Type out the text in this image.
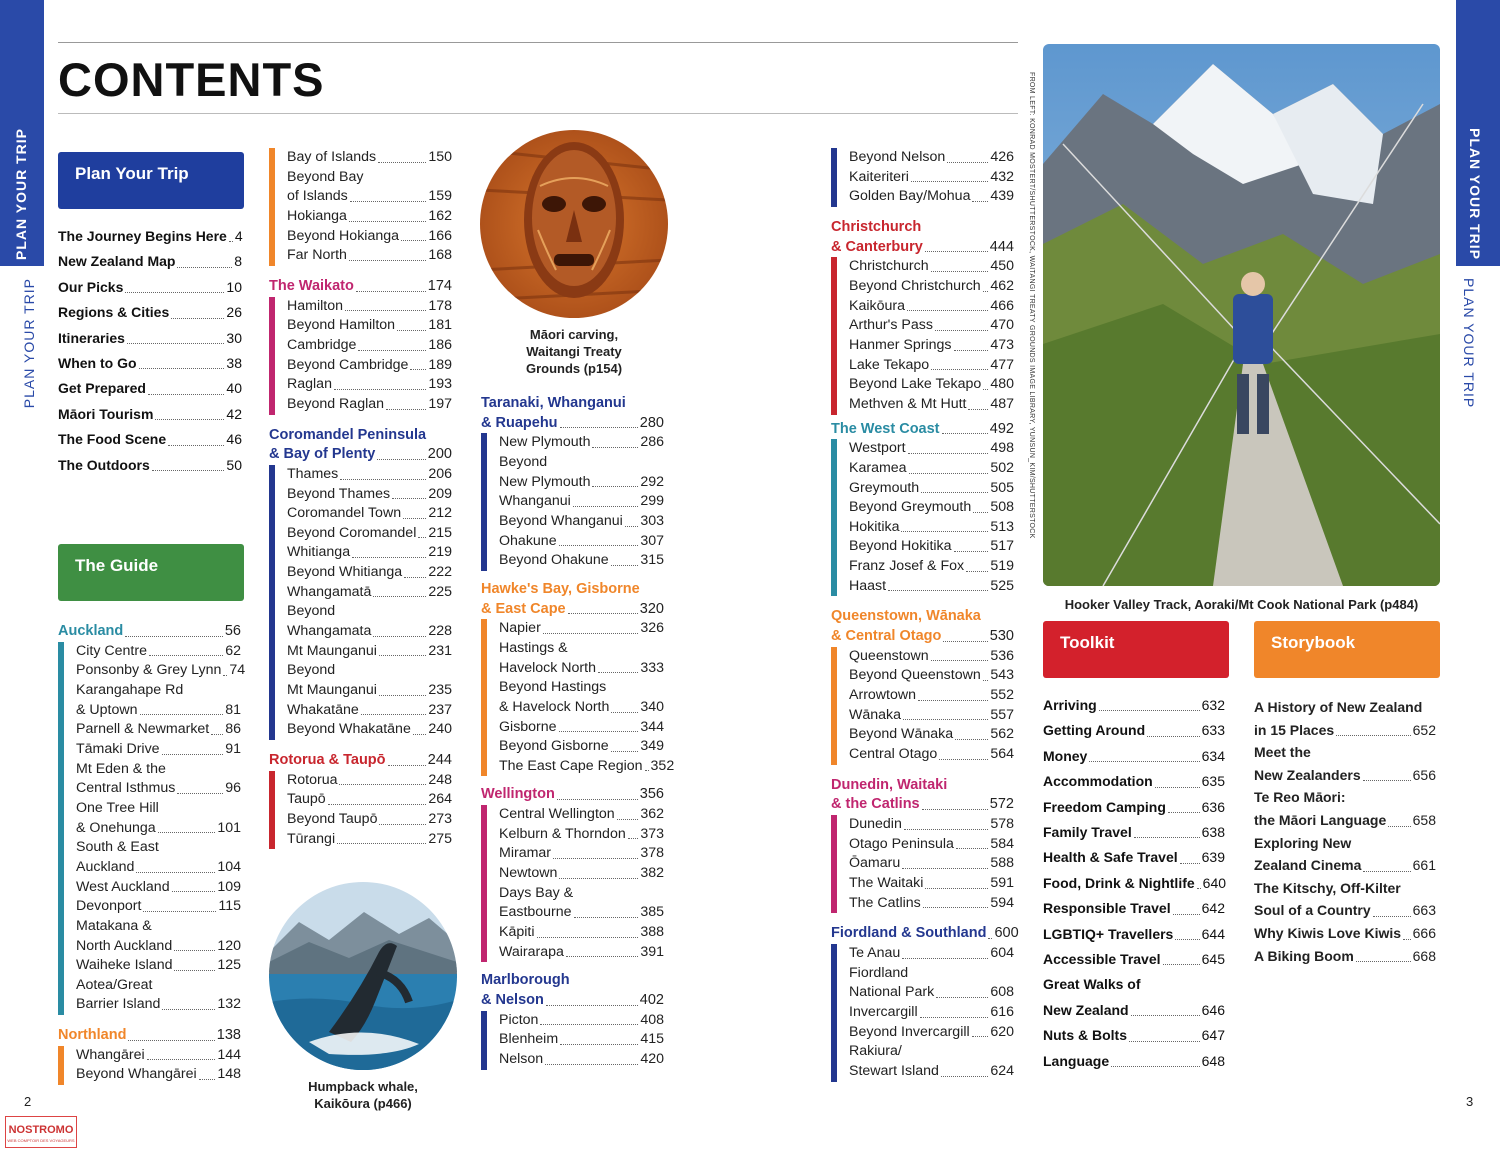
PLAN YOUR TRIP
PLAN YOUR TRIP
PLAN YOUR TRIP
PLAN YOUR TRIP
CONTENTS
Plan Your Trip
The Journey Begins Here 4
New Zealand Map	8
Our Picks	10
Regions & Cities	26
Itineraries	30
When to Go	38
Get Prepared	40
Māori Tourism	42
The Food Scene	46
The Outdoors	50
The Guide
Auckland	56
City Centre	62
Ponsonby & Grey Lynn 74
Karangahape Rd
& Uptown	81
Parnell & Newmarket 86
Tāmaki Drive	91
Mt Eden & the
Central Isthmus	96
One Tree Hill
& Onehunga	101
South & East
Auckland	104
West Auckland	109
Devonport	115
Matakana &
North Auckland	120
Waiheke Island	125
Aotea/Great
Barrier Island	132
Northland	138
Whangārei	144
Beyond Whangārei 148
Bay of Islands	150
Beyond Bay
of Islands	159
Hokianga	162
Beyond Hokianga 166
Far North	168
The Waikato	174
Hamilton	178
Beyond Hamilton 181
Cambridge	186
Beyond Cambridge 189
Raglan	193
Beyond Raglan	197
Coromandel Peninsula
& Bay of Plenty	200
Thames	206
Beyond Thames	209
Coromandel Town 212
Beyond Coromandel 215
Whitianga	219
Beyond Whitianga 222
Whangamatā	225
Beyond
Whangamata	228
Mt Maunganui	231
Beyond
Mt Maunganui	235
Whakatāne	237
Beyond Whakatāne 240
Rotorua & Taupō	244
Rotorua	248
Taupō	264
Beyond Taupō	273
Tūrangi	275
Māori carving,
Waitangi Treaty
Grounds (p154)
Taranaki, Whanganui
& Ruapehu	280
New Plymouth	286
Beyond
New Plymouth	292
Whanganui	299
Beyond Whanganui 303
Ohakune	307
Beyond Ohakune 315
Hawke's Bay, Gisborne
& East Cape	320
Napier	326
Hastings &
Havelock North	333
Beyond Hastings
& Havelock North 340
Gisborne	344
Beyond Gisborne 349
The East Cape Region 352
Wellington	356
Central Wellington 362
Kelburn & Thorndon 373
Miramar	378
Newtown	382
Days Bay &
Eastbourne	385
Kāpiti	388
Wairarapa	391
Marlborough
& Nelson	402
Picton	408
Blenheim	415
Nelson	420
Humpback whale,
Kaikōura (p466)
Beyond Nelson	426
Kaiteriteri	432
Golden Bay/Mohua 439
Christchurch
& Canterbury	444
Christchurch	450
Beyond Christchurch 462
Kaikōura	466
Arthur's Pass	470
Hanmer Springs	473
Lake Tekapo	477
Beyond Lake Tekapo 480
Methven & Mt Hutt 487
The West Coast	492
Westport	498
Karamea	502
Greymouth	505
Beyond Greymouth 508
Hokitika	513
Beyond Hokitika	517
Franz Josef & Fox 519
Haast	525
Queenstown, Wānaka
& Central Otago	530
Queenstown	536
Beyond Queenstown 543
Arrowtown	552
Wānaka	557
Beyond Wānaka	562
Central Otago	564
Dunedin, Waitaki
& the Catlins	572
Dunedin	578
Otago Peninsula	584
Ōamaru	588
The Waitaki	591
The Catlins	594
Fiordland & Southland 600
Te Anau	604
Fiordland
National Park	608
Invercargill	616
Beyond Invercargill 620
Rakiura/
Stewart Island	624
FROM LEFT: KONRAD MOSTERT/SHUTTERSTOCK, WAITANGI TREATY GROUNDS IMAGE LIBRARY, YUNSUN_KIM/SHUTTERSTOCK
Hooker Valley Track, Aoraki/Mt Cook National Park (p484)
Toolkit	Storybook
Arriving	632
Getting Around	633
Money	634
Accommodation	635
Freedom Camping	636
Family Travel	638
Health & Safe Travel 639
Food, Drink & Nightlife 640
Responsible Travel 642
LGBTIQ+ Travellers 644
Accessible Travel	645
Great Walks of
New Zealand	646
Nuts & Bolts	647
Language	648
A History of New Zealand
in 15 Places	652
Meet the
New Zealanders	656
Te Reo Māori:
the Māori Language 658
Exploring New
Zealand Cinema	661
The Kitschy, Off-Kilter
Soul of a Country	663
Why Kiwis Love Kiwis 666
A Biking Boom	668
2	3
NOSTROMO
WEB COMPTOIR DES VOYAGEURS
